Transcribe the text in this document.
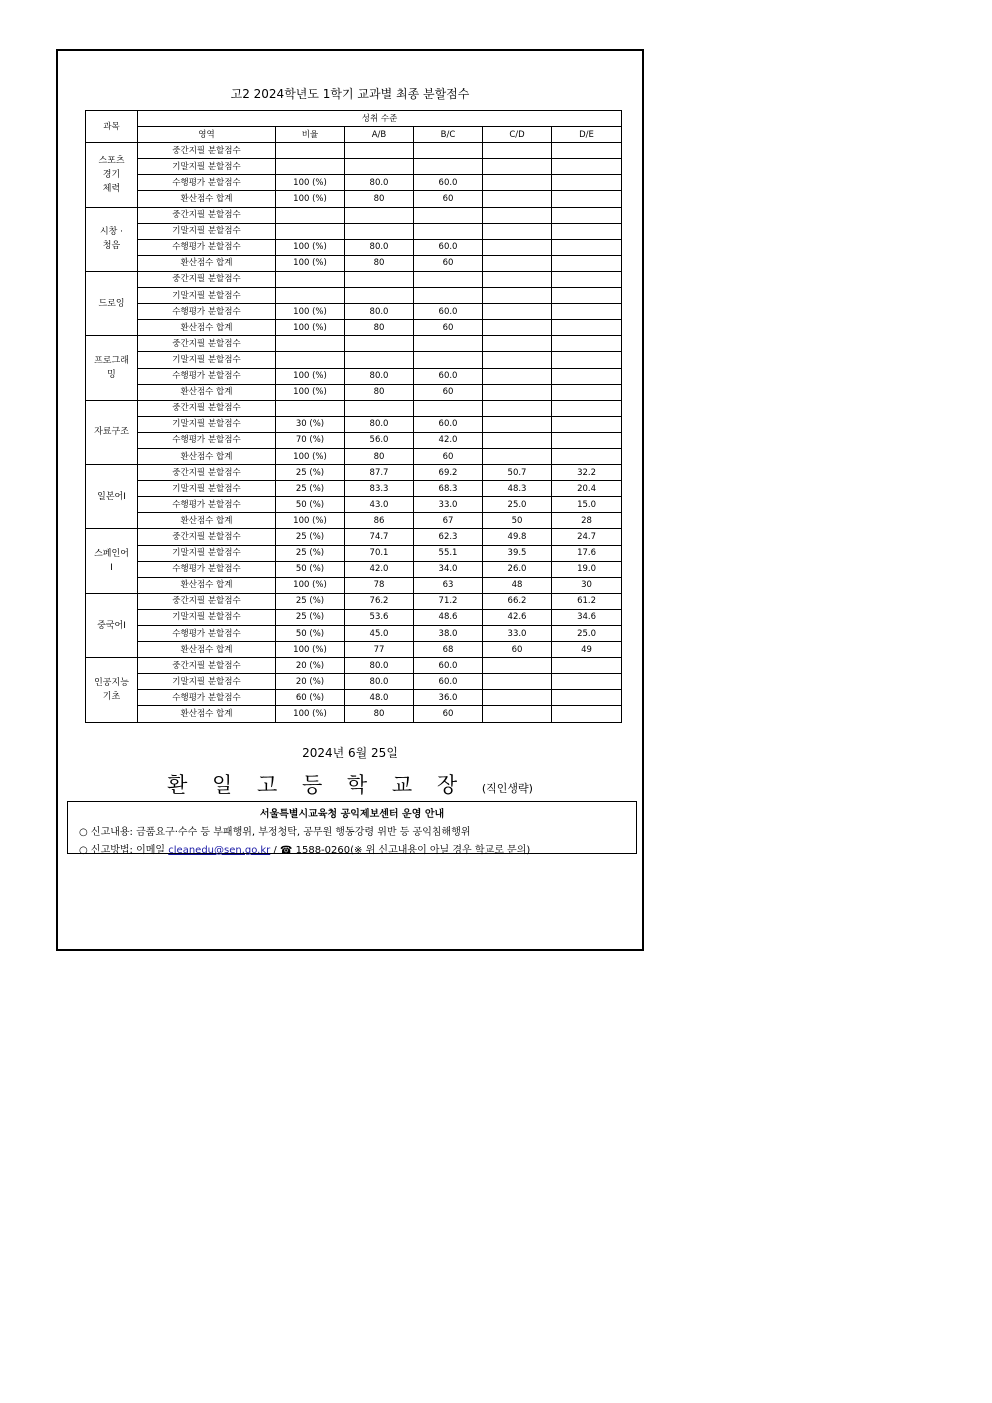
고2 2024학년도 1학기 교과별 최종 분할점수
과목	성취 수준					
	영역	비율	A/B	B/C	C/D	D/E
스포츠
경기
체력	중간지필 분할점수					
	기말지필 분할점수					
	수행평가 분할점수	100 (%)	80.0	60.0		
	환산점수 합계	100 (%)	80	60		
시창 ·
청음	중간지필 분할점수					
	기말지필 분할점수					
	수행평가 분할점수	100 (%)	80.0	60.0		
	환산점수 합계	100 (%)	80	60		
드로잉	중간지필 분할점수					
	기말지필 분할점수					
	수행평가 분할점수	100 (%)	80.0	60.0		
	환산점수 합계	100 (%)	80	60		
프로그래
밍	중간지필 분할점수					
	기말지필 분할점수					
	수행평가 분할점수	100 (%)	80.0	60.0		
	환산점수 합계	100 (%)	80	60		
자료구조	중간지필 분할점수					
	기말지필 분할점수	30 (%)	80.0	60.0		
	수행평가 분할점수	70 (%)	56.0	42.0		
	환산점수 합계	100 (%)	80	60		
일본어Ⅰ	중간지필 분할점수	25 (%)	87.7	69.2	50.7	32.2
	기말지필 분할점수	25 (%)	83.3	68.3	48.3	20.4
	수행평가 분할점수	50 (%)	43.0	33.0	25.0	15.0
	환산점수 합계	100 (%)	86	67	50	28
스페인어
Ⅰ	중간지필 분할점수	25 (%)	74.7	62.3	49.8	24.7
	기말지필 분할점수	25 (%)	70.1	55.1	39.5	17.6
	수행평가 분할점수	50 (%)	42.0	34.0	26.0	19.0
	환산점수 합계	100 (%)	78	63	48	30
중국어Ⅰ	중간지필 분할점수	25 (%)	76.2	71.2	66.2	61.2
	기말지필 분할점수	25 (%)	53.6	48.6	42.6	34.6
	수행평가 분할점수	50 (%)	45.0	38.0	33.0	25.0
	환산점수 합계	100 (%)	77	68	60	49
인공지능
기초	중간지필 분할점수	20 (%)	80.0	60.0		
	기말지필 분할점수	20 (%)	80.0	60.0		
	수행평가 분할점수	60 (%)	48.0	36.0		
	환산점수 합계	100 (%)	80	60		
2024년 6월 25일
환 일 고 등 학 교 장 (직인생략)
서울특별시교육청 공익제보센터 운영 안내
○ 신고내용: 금품요구·수수 등 부패행위, 부정청탁, 공무원 행동강령 위반 등 공익침해행위
○ 신고방법: 이메일 cleanedu@sen.go.kr / ☎ 1588-0260(※ 위 신고내용이 아닐 경우 학교로 문의)
